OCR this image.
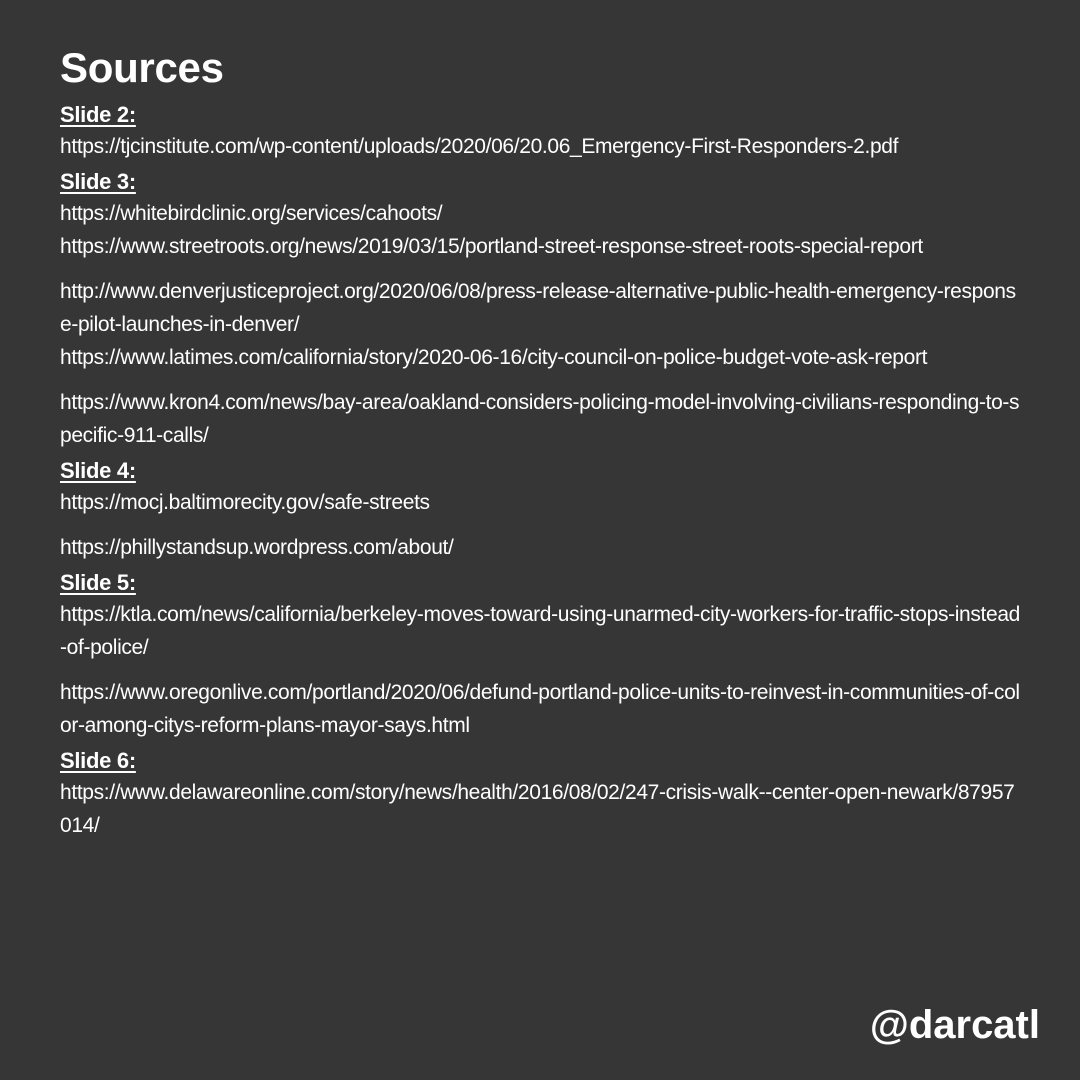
Sources
Slide 2:
https://tjcinstitute.com/wp-content/uploads/2020/06/20.06_Emergency-First-Responders-2.pdf
Slide 3:
https://whitebirdclinic.org/services/cahoots/
https://www.streetroots.org/news/2019/03/15/portland-street-response-street-roots-special-report
http://www.denverjusticeproject.org/2020/06/08/press-release-alternative-public-health-emergency-response-pilot-launches-in-denver/
https://www.latimes.com/california/story/2020-06-16/city-council-on-police-budget-vote-ask-report
https://www.kron4.com/news/bay-area/oakland-considers-policing-model-involving-civilians-responding-to-specific-911-calls/
Slide 4:
https://mocj.baltimorecity.gov/safe-streets
https://phillystandsup.wordpress.com/about/
Slide 5:
https://ktla.com/news/california/berkeley-moves-toward-using-unarmed-city-workers-for-traffic-stops-instead-of-police/
https://www.oregonlive.com/portland/2020/06/defund-portland-police-units-to-reinvest-in-communities-of-color-among-citys-reform-plans-mayor-says.html
Slide 6:
https://www.delawareonline.com/story/news/health/2016/08/02/247-crisis-walk--center-open-newark/87957014/
@darcatl
